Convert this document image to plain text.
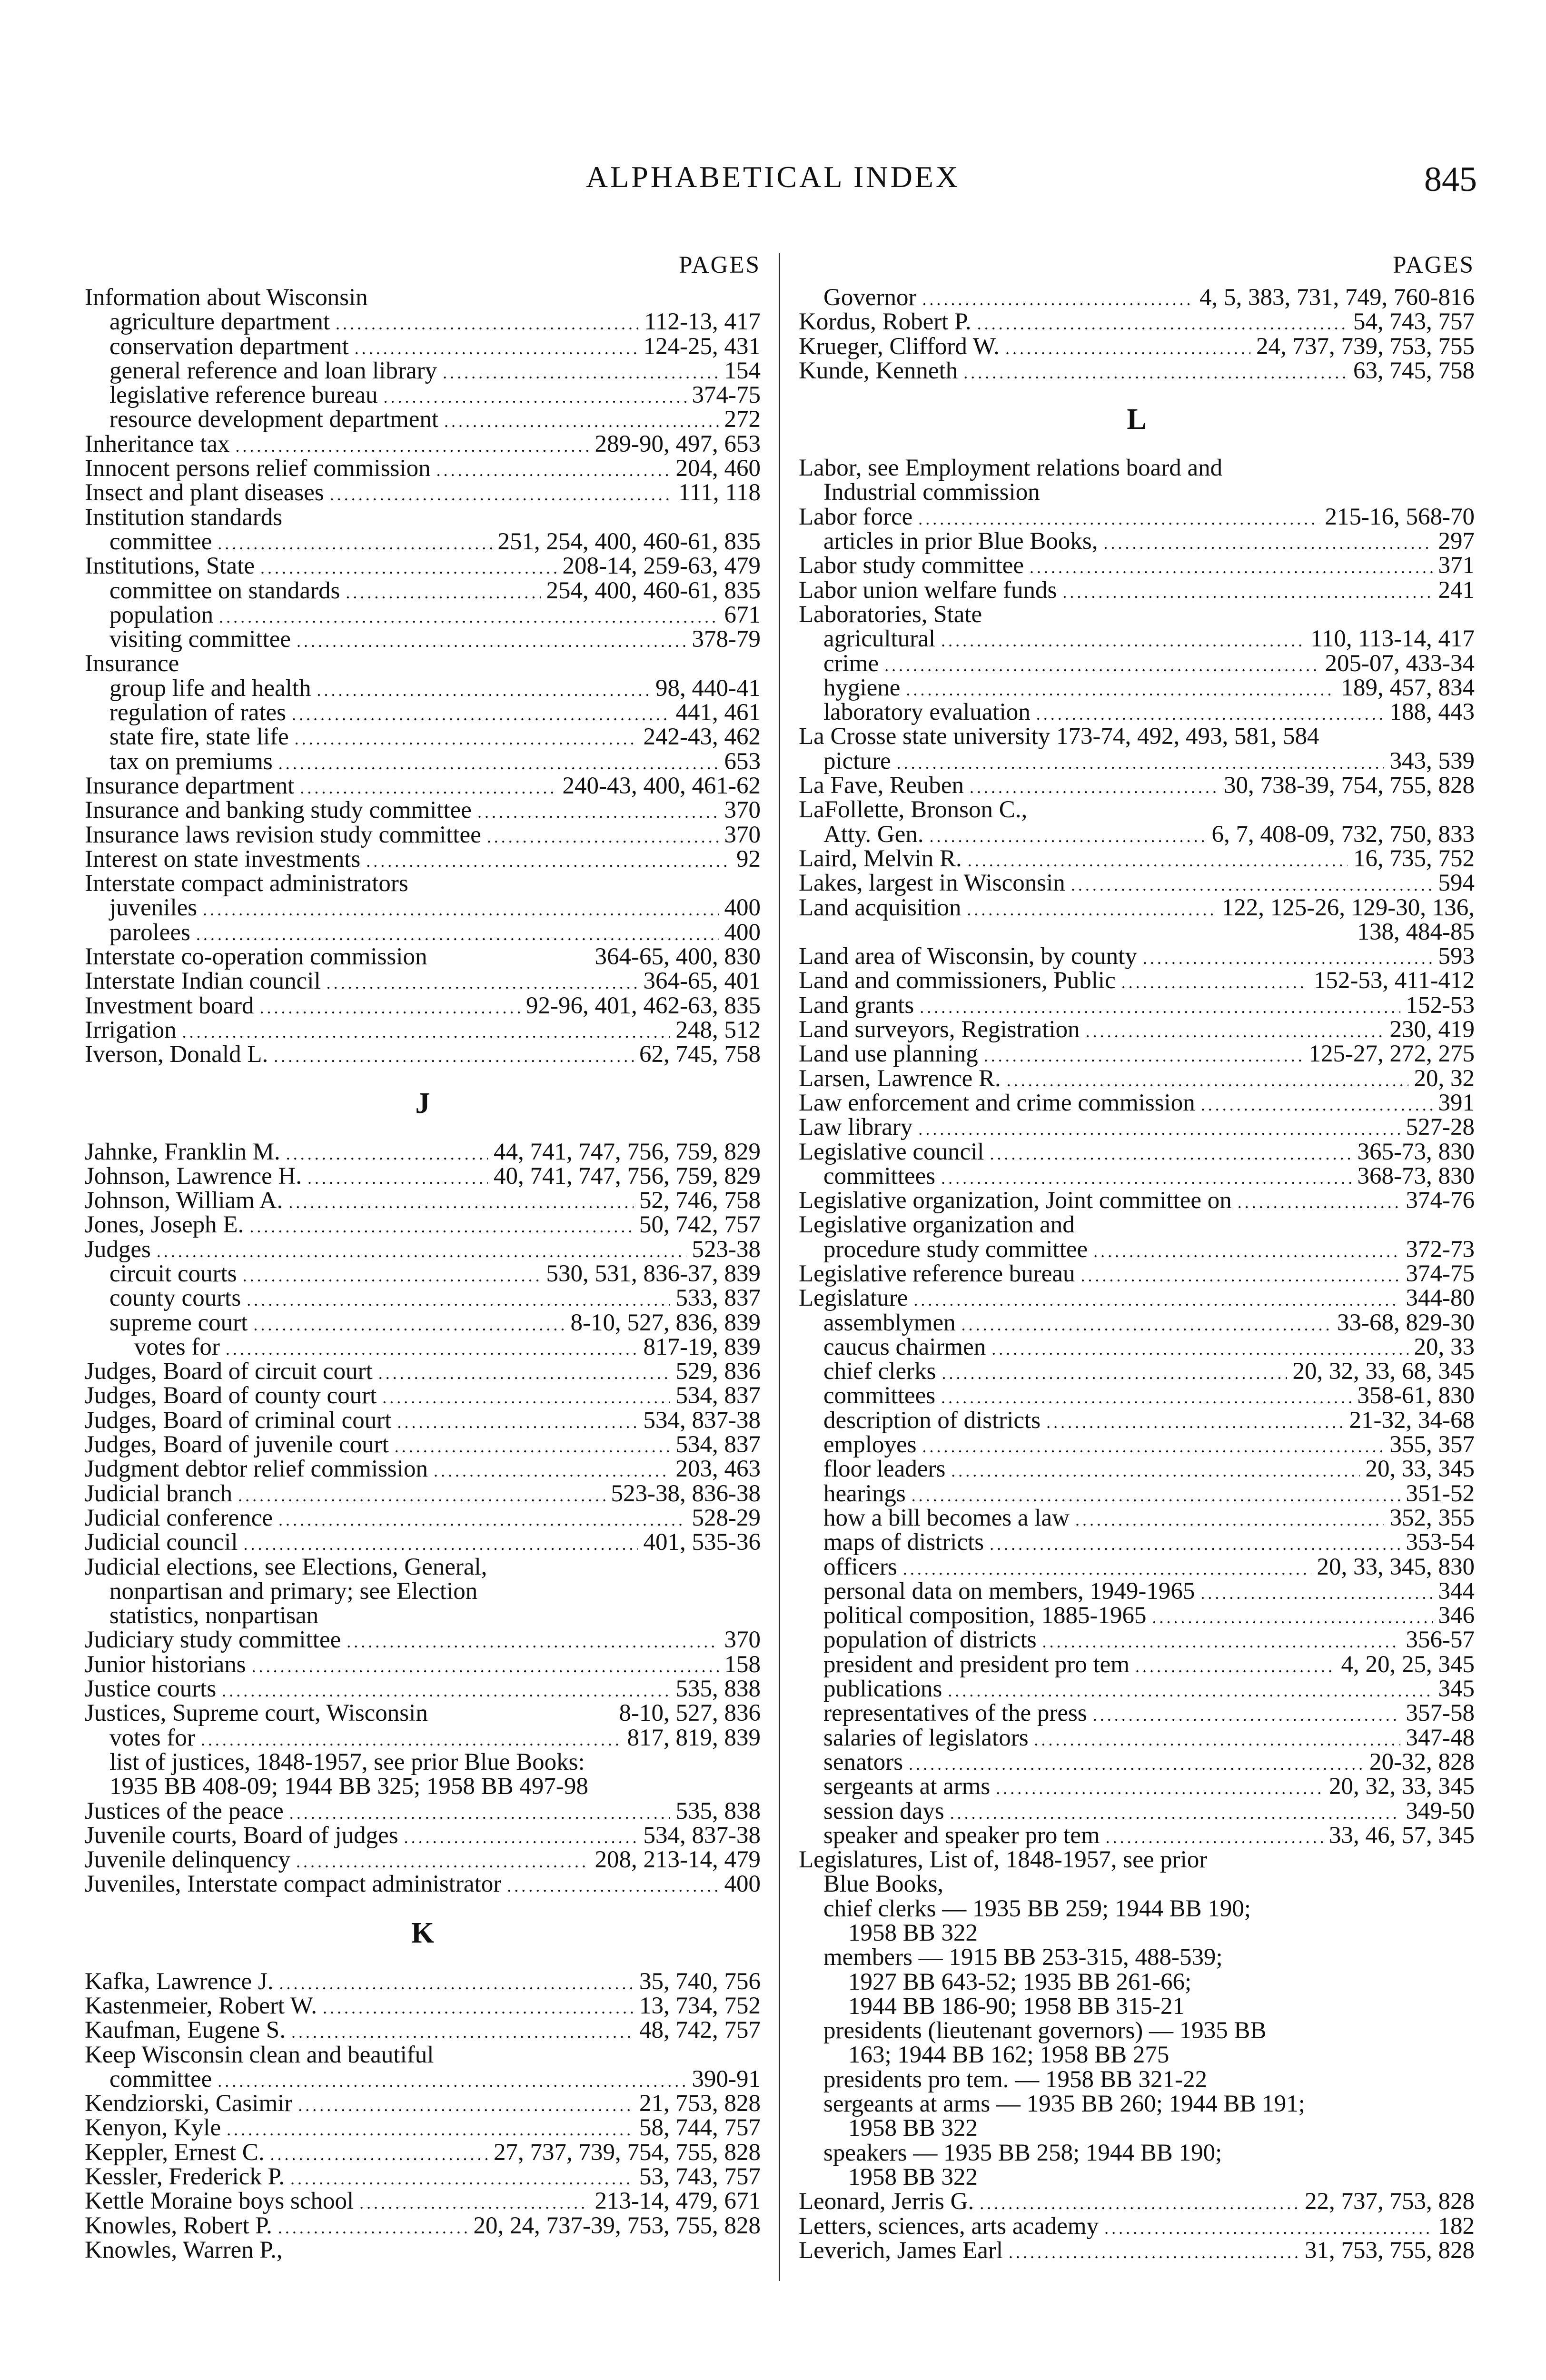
ALPHABETICAL INDEX	845
PAGES
Information about Wisconsin
agriculture department .....	112-13, 417
conservation department .....	124-25, 431
general reference and loan library .....	154
legislative reference bureau .....	374-75
resource development department .....	272
Inheritance tax .....	289-90, 497, 653
Innocent persons relief commission .....	204, 460
Insect and plant diseases .....	111, 118
Institution standards
committee .....	251, 254, 400, 460-61, 835
Institutions, State .....	208-14, 259-63, 479
committee on standards .....	254, 400, 460-61, 835
population .....	671
visiting committee .....	378-79
Insurance
group life and health .....	98, 440-41
regulation of rates .....	441, 461
state fire, state life .....	242-43, 462
tax on premiums .....	653
Insurance department .....	240-43, 400, 461-62
Insurance and banking study committee .....	370
Insurance laws revision study committee .....	370
Interest on state investments .....	92
Interstate compact administrators
juveniles .....	400
parolees .....	400
Interstate co-operation commission	364-65, 400, 830
Interstate Indian council .....	364-65, 401
Investment board .....	92-96, 401, 462-63, 835
Irrigation .....	248, 512
Iverson, Donald L. .....	62, 745, 758
J
Jahnke, Franklin M. .....	44, 741, 747, 756, 759, 829
Johnson, Lawrence H. .....	40, 741, 747, 756, 759, 829
Johnson, William A. .....	52, 746, 758
Jones, Joseph E. .....	50, 742, 757
Judges .....	523-38
circuit courts .....	530, 531, 836-37, 839
county courts .....	533, 837
supreme court .....	8-10, 527, 836, 839
votes for .....	817-19, 839
Judges, Board of circuit court .....	529, 836
Judges, Board of county court .....	534, 837
Judges, Board of criminal court .....	534, 837-38
Judges, Board of juvenile court .....	534, 837
Judgment debtor relief commission .....	203, 463
Judicial branch .....	523-38, 836-38
Judicial conference .....	528-29
Judicial council .....	401, 535-36
Judicial elections, see Elections, General,
nonpartisan and primary; see Election
statistics, nonpartisan
Judiciary study committee .....	370
Junior historians .....	158
Justice courts .....	535, 838
Justices, Supreme court, Wisconsin	8-10, 527, 836
votes for .....	817, 819, 839
list of justices, 1848-1957, see prior Blue Books:
1935 BB 408-09; 1944 BB 325; 1958 BB 497-98
Justices of the peace .....	535, 838
Juvenile courts, Board of judges .....	534, 837-38
Juvenile delinquency .....	208, 213-14, 479
Juveniles, Interstate compact administrator .....	400
K
Kafka, Lawrence J. .....	35, 740, 756
Kastenmeier, Robert W. .....	13, 734, 752
Kaufman, Eugene S. .....	48, 742, 757
Keep Wisconsin clean and beautiful
committee .....	390-91
Kendziorski, Casimir .....	21, 753, 828
Kenyon, Kyle .....	58, 744, 757
Keppler, Ernest C. .....	27, 737, 739, 754, 755, 828
Kessler, Frederick P. .....	53, 743, 757
Kettle Moraine boys school .....	213-14, 479, 671
Knowles, Robert P. .....	20, 24, 737-39, 753, 755, 828
Knowles, Warren P.,
PAGES
Governor .....	4, 5, 383, 731, 749, 760-816
Kordus, Robert P. .....	54, 743, 757
Krueger, Clifford W. .....	24, 737, 739, 753, 755
Kunde, Kenneth .....	63, 745, 758
L
Labor, see Employment relations board and
Industrial commission
Labor force .....	215-16, 568-70
articles in prior Blue Books, .....	297
Labor study committee .....	371
Labor union welfare funds .....	241
Laboratories, State
agricultural .....	110, 113-14, 417
crime .....	205-07, 433-34
hygiene .....	189, 457, 834
laboratory evaluation .....	188, 443
La Crosse state university 173-74, 492, 493, 581, 584
picture .....	343, 539
La Fave, Reuben .....	30, 738-39, 754, 755, 828
LaFollette, Bronson C.,
Atty. Gen. .....	6, 7, 408-09, 732, 750, 833
Laird, Melvin R. .....	16, 735, 752
Lakes, largest in Wisconsin .....	594
Land acquisition .....	122, 125-26, 129-30, 136,
138, 484-85
Land area of Wisconsin, by county .....	593
Land and commissioners, Public .....	152-53, 411-412
Land grants .....	152-53
Land surveyors, Registration .....	230, 419
Land use planning .....	125-27, 272, 275
Larsen, Lawrence R. .....	20, 32
Law enforcement and crime commission .....	391
Law library .....	527-28
Legislative council .....	365-73, 830
committees .....	368-73, 830
Legislative organization, Joint committee on .....	374-76
Legislative organization and
procedure study committee .....	372-73
Legislative reference bureau .....	374-75
Legislature .....	344-80
assemblymen .....	33-68, 829-30
caucus chairmen .....	20, 33
chief clerks .....	20, 32, 33, 68, 345
committees .....	358-61, 830
description of districts .....	21-32, 34-68
employes .....	355, 357
floor leaders .....	20, 33, 345
hearings .....	351-52
how a bill becomes a law .....	352, 355
maps of districts .....	353-54
officers .....	20, 33, 345, 830
personal data on members, 1949-1965 .....	344
political composition, 1885-1965 .....	346
population of districts .....	356-57
president and president pro tem .....	4, 20, 25, 345
publications .....	345
representatives of the press .....	357-58
salaries of legislators .....	347-48
senators .....	20-32, 828
sergeants at arms .....	20, 32, 33, 345
session days .....	349-50
speaker and speaker pro tem .....	33, 46, 57, 345
Legislatures, List of, 1848-1957, see prior
Blue Books,
chief clerks — 1935 BB 259; 1944 BB 190;
1958 BB 322
members — 1915 BB 253-315, 488-539;
1927 BB 643-52; 1935 BB 261-66;
1944 BB 186-90; 1958 BB 315-21
presidents (lieutenant governors) — 1935 BB
163; 1944 BB 162; 1958 BB 275
presidents pro tem. — 1958 BB 321-22
sergeants at arms — 1935 BB 260; 1944 BB 191;
1958 BB 322
speakers — 1935 BB 258; 1944 BB 190;
1958 BB 322
Leonard, Jerris G. .....	22, 737, 753, 828
Letters, sciences, arts academy .....	182
Leverich, James Earl .....	31, 753, 755, 828
